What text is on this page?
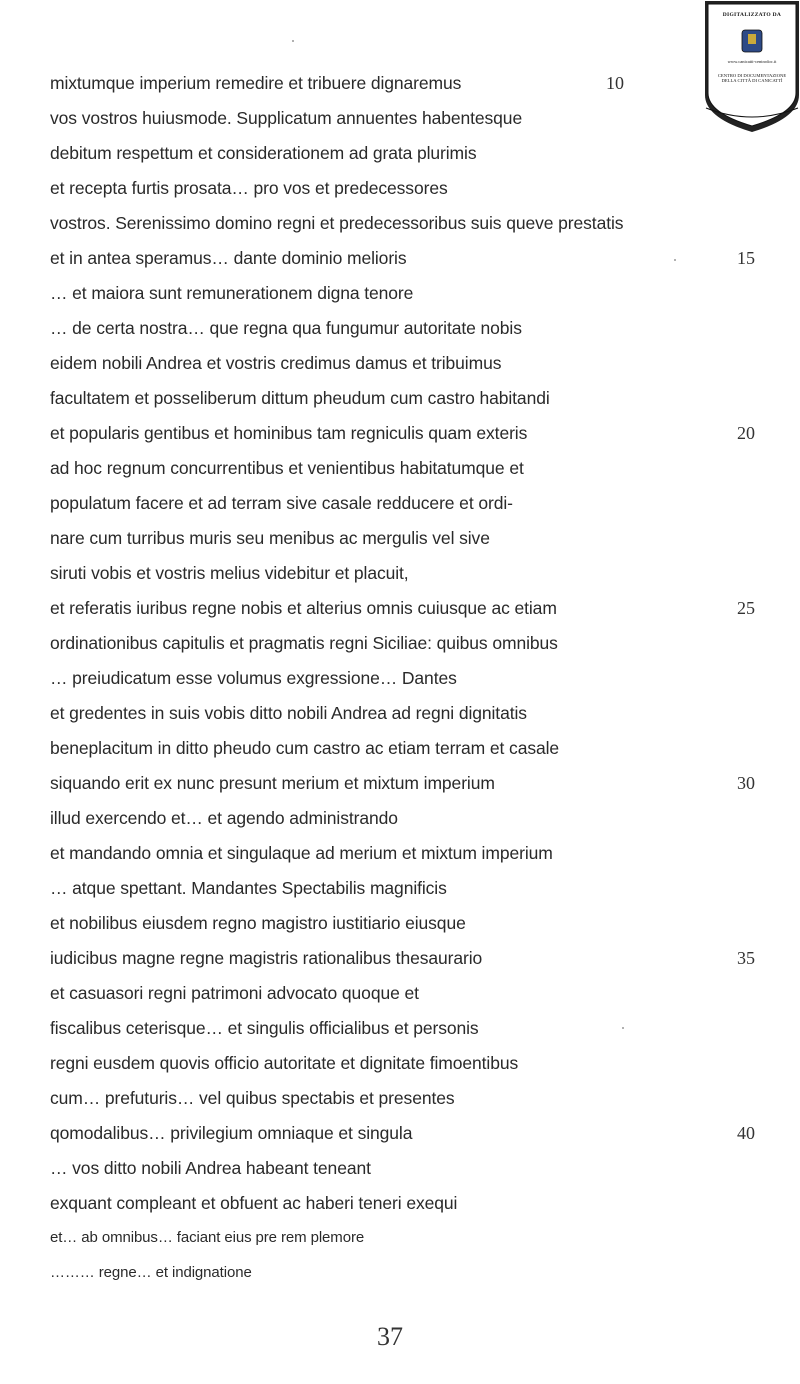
DIGITALIZZATO DA
www.canicatti-centrodoc.it
CENTRO DI DOCUMENTAZIONE
DELLA CITTÀ DI CANICATTÌ
mixtumque imperium remedire et tribuere dignaremus
vos vostros huiusmode. Supplicatum annuentes habentesque
debitum respettum et considerationem ad grata plurimis
et recepta furtis prosata… pro vos et predecessores
vostros. Serenissimo domino regni et predecessoribus suis queve prestatis
et in antea speramus… dante dominio melioris
… et maiora sunt remunerationem digna tenore
… de certa nostra… que regna qua fungumur autoritate nobis
eidem nobili Andrea et vostris credimus damus et tribuimus
facultatem et posseliberum dittum pheudum cum castro habitandi
et popularis gentibus et hominibus tam regniculis quam exteris
ad hoc regnum concurrentibus et venientibus habitatumque et
populatum facere et ad terram sive casale redducere et ordi-
nare cum turribus muris seu menibus ac mergulis vel sive
siruti vobis et vostris melius videbitur et placuit,
et referatis iuribus regne nobis et alterius omnis cuiusque ac etiam
ordinationibus capitulis et pragmatis regni Siciliae: quibus omnibus
… preiudicatum esse volumus exgressione… Dantes
et gredentes in suis vobis ditto nobili Andrea ad regni dignitatis
beneplacitum in ditto pheudo cum castro ac etiam terram et casale
siquando erit ex nunc presunt merium et mixtum imperium
illud exercendo et… et agendo administrando
et mandando omnia et singulaque ad merium et mixtum imperium
… atque spettant. Mandantes Spectabilis magnificis
et nobilibus eiusdem regno magistro iustitiario eiusque
iudicibus magne regne magistris rationalibus thesaurario
et casuasori regni patrimoni advocato quoque et
fiscalibus ceterisque… et singulis officialibus et personis
regni eusdem quovis officio autoritate et dignitate fimoentibus
cum… prefuturis… vel quibus spectabis et presentes
qomodalibus… privilegium omniaque et singula
… vos ditto nobili Andrea habeant teneant
exquant compleant et obfuent ac haberi teneri exequi
et… ab omnibus… faciant eius pre rem plemore
……… regne… et indignatione
10
15
20
25
30
35
40
37
